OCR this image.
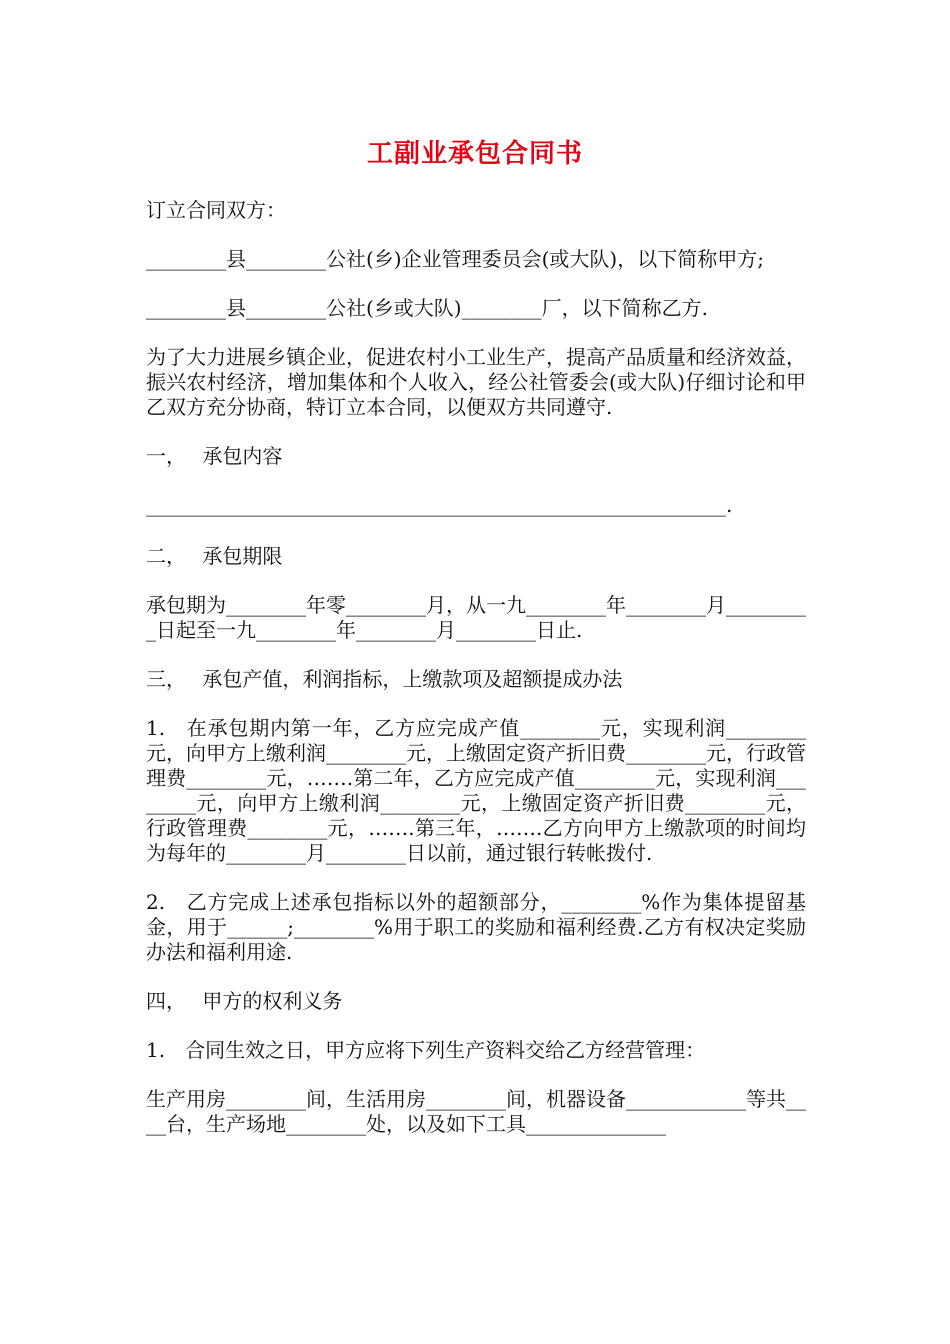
工副业承包合同书

订立合同双方：

________县________公社(乡)企业管理委员会(或大队)，以下简称甲方;

________县________公社(乡或大队)________厂，以下简称乙方.

为了大力进展乡镇企业，促进农村小工业生产，提高产品质量和经济效益，振兴农村经济，增加集体和个人收入，经公社管委会(或大队)仔细讨论和甲乙双方充分协商，特订立本合同，以便双方共同遵守.

一，　 承包内容

__________________________________________________________.

二，　 承包期限

承包期为________年零________月，从一九________年________月_________日起至一九________年________月________日止.

三，　 承包产值，利润指标，上缴款项及超额提成办法

1.　在承包期内第一年，乙方应完成产值________元，实现利润________元，向甲方上缴利润________元，上缴固定资产折旧费________元，行政管理费________元，…….第二年，乙方应完成产值________元，实现利润________元，向甲方上缴利润________元，上缴固定资产折旧费________元，行政管理费________元，…….第三年，…….乙方向甲方上缴款项的时间均为每年的________月________日以前，通过银行转帐拨付.

2.　乙方完成上述承包指标以外的超额部分，________%作为集体提留基金，用于______;________%用于职工的奖励和福利经费.乙方有权决定奖励办法和福利用途.

四，　 甲方的权利义务

1.　合同生效之日，甲方应将下列生产资料交给乙方经营管理：

生产用房________间，生活用房________间，机器设备____________等共____台，生产场地________处，以及如下工具______________
